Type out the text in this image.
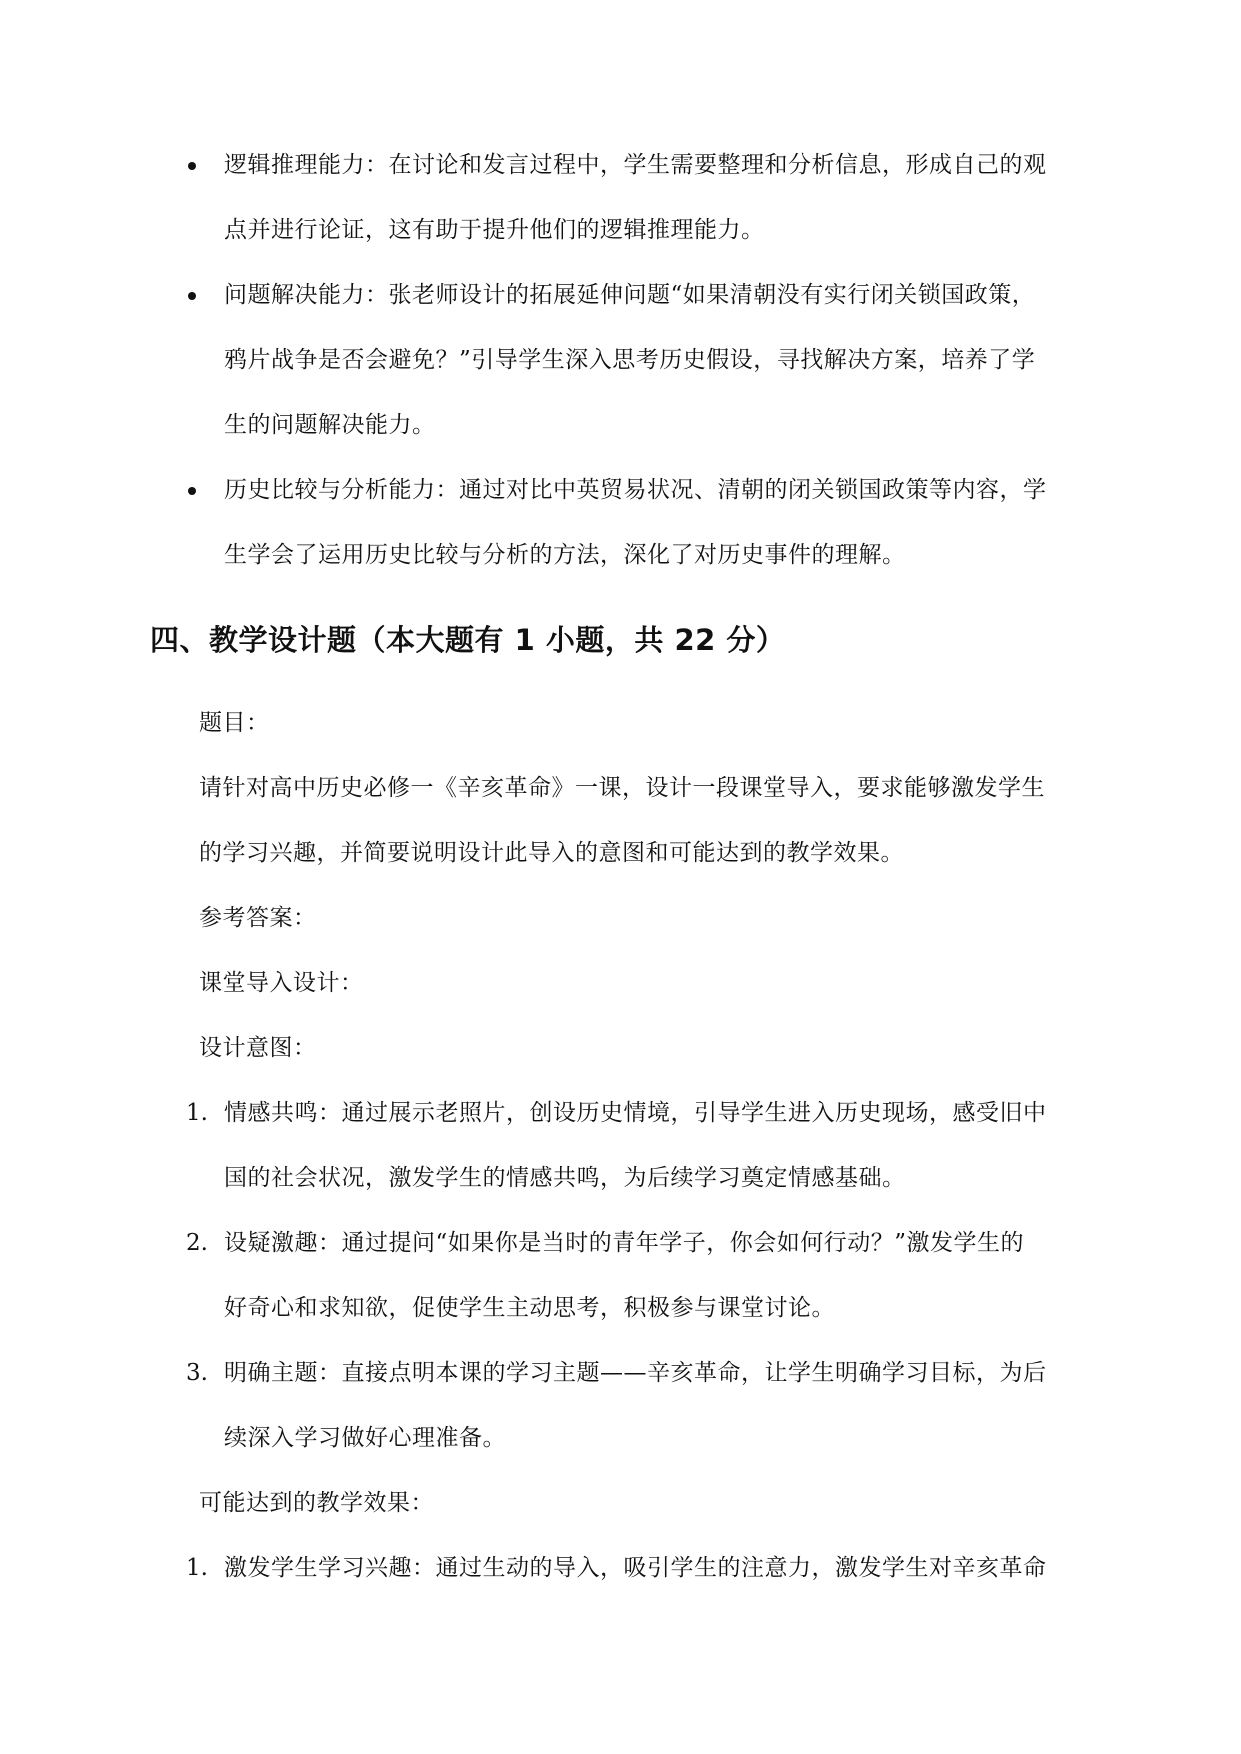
逻辑推理能力：在讨论和发言过程中，学生需要整理和分析信息，形成自己的观
点并进行论证，这有助于提升他们的逻辑推理能力。
问题解决能力：张老师设计的拓展延伸问题“如果清朝没有实行闭关锁国政策，
鸦片战争是否会避免？”引导学生深入思考历史假设，寻找解决方案，培养了学
生的问题解决能力。
历史比较与分析能力：通过对比中英贸易状况、清朝的闭关锁国政策等内容，学
生学会了运用历史比较与分析的方法，深化了对历史事件的理解。
四、教学设计题（本大题有 1 小题，共 22 分）
题目：
请针对高中历史必修一《辛亥革命》一课，设计一段课堂导入，要求能够激发学生
的学习兴趣，并简要说明设计此导入的意图和可能达到的教学效果。
参考答案：
课堂导入设计：
设计意图：
1. 情感共鸣：通过展示老照片，创设历史情境，引导学生进入历史现场，感受旧中
国的社会状况，激发学生的情感共鸣，为后续学习奠定情感基础。
2. 设疑激趣：通过提问“如果你是当时的青年学子，你会如何行动？”激发学生的
好奇心和求知欲，促使学生主动思考，积极参与课堂讨论。
3. 明确主题：直接点明本课的学习主题——辛亥革命，让学生明确学习目标，为后
续深入学习做好心理准备。
可能达到的教学效果：
1. 激发学生学习兴趣：通过生动的导入，吸引学生的注意力，激发学生对辛亥革命
